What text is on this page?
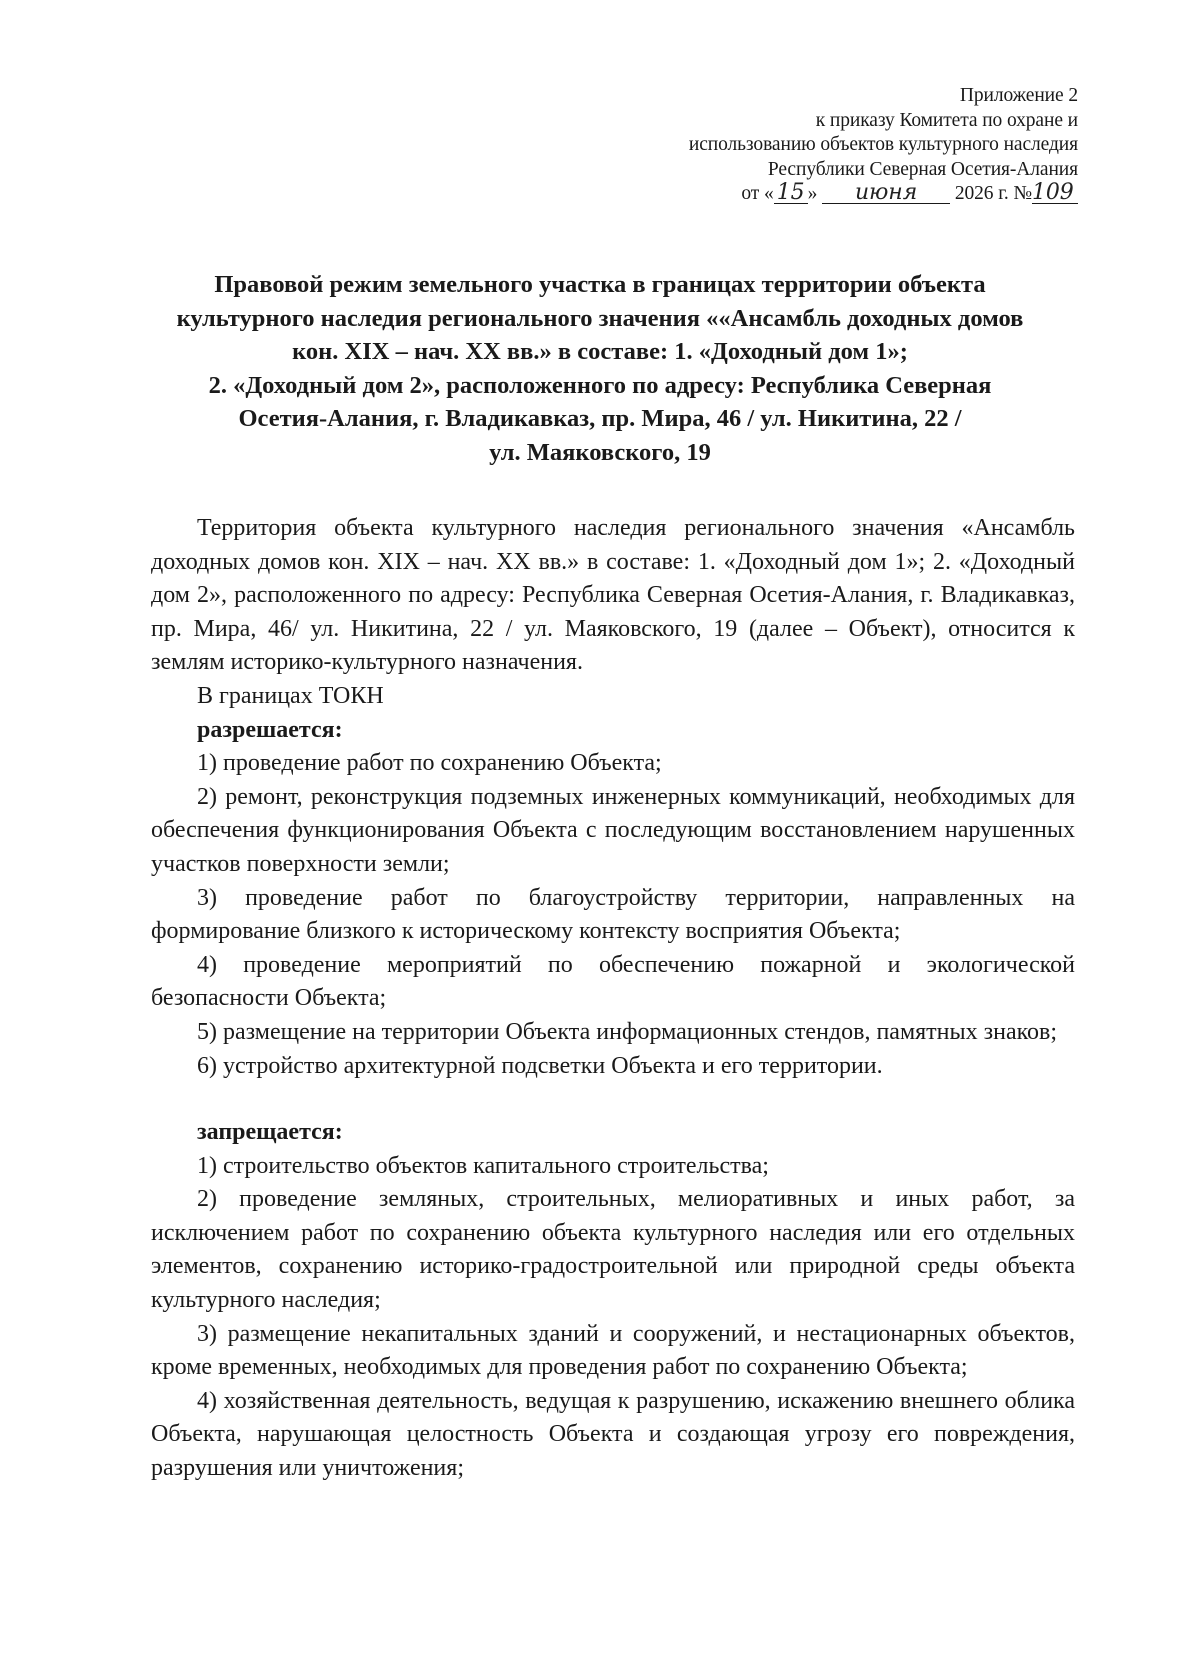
Приложение 2
к приказу Комитета по охране и
использованию объектов культурного наследия
Республики Северная Осетия-Алания
от « 15 » июня 2026 г. №109
Правовой режим земельного участка в границах территории объекта
культурного наследия регионального значения ««Ансамбль доходных домов
кон. XIX – нач. XX вв.» в составе: 1. «Доходный дом 1»;
2. «Доходный дом 2», расположенного по адресу: Республика Северная
Осетия-Алания, г. Владикавказ, пр. Мира, 46 / ул. Никитина, 22 /
ул. Маяковского, 19

Территория объекта культурного наследия регионального значения «Ансамбль доходных домов кон. XIX – нач. XX вв.» в составе: 1. «Доходный дом 1»; 2. «Доходный дом 2», расположенного по адресу: Республика Северная Осетия-Алания, г. Владикавказ, пр. Мира, 46/ ул. Никитина, 22 / ул. Маяковского, 19 (далее – Объект), относится к землям историко-культурного назначения.

В границах ТОКН

разрешается:

1) проведение работ по сохранению Объекта;

2) ремонт, реконструкция подземных инженерных коммуникаций, необходимых для обеспечения функционирования Объекта с последующим восстановлением нарушенных участков поверхности земли;

3) проведение работ по благоустройству территории, направленных на формирование близкого к историческому контексту восприятия Объекта;

4) проведение мероприятий по обеспечению пожарной и экологической безопасности Объекта;

5) размещение на территории Объекта информационных стендов, памятных знаков;

6) устройство архитектурной подсветки Объекта и его территории.

запрещается:

1) строительство объектов капитального строительства;

2) проведение земляных, строительных, мелиоративных и иных работ, за исключением работ по сохранению объекта культурного наследия или его отдельных элементов, сохранению историко-градостроительной или природной среды объекта культурного наследия;

3) размещение некапитальных зданий и сооружений, и нестационарных объектов, кроме временных, необходимых для проведения работ по сохранению Объекта;

4) хозяйственная деятельность, ведущая к разрушению, искажению внешнего облика Объекта, нарушающая целостность Объекта и создающая угрозу его повреждения, разрушения или уничтожения;
